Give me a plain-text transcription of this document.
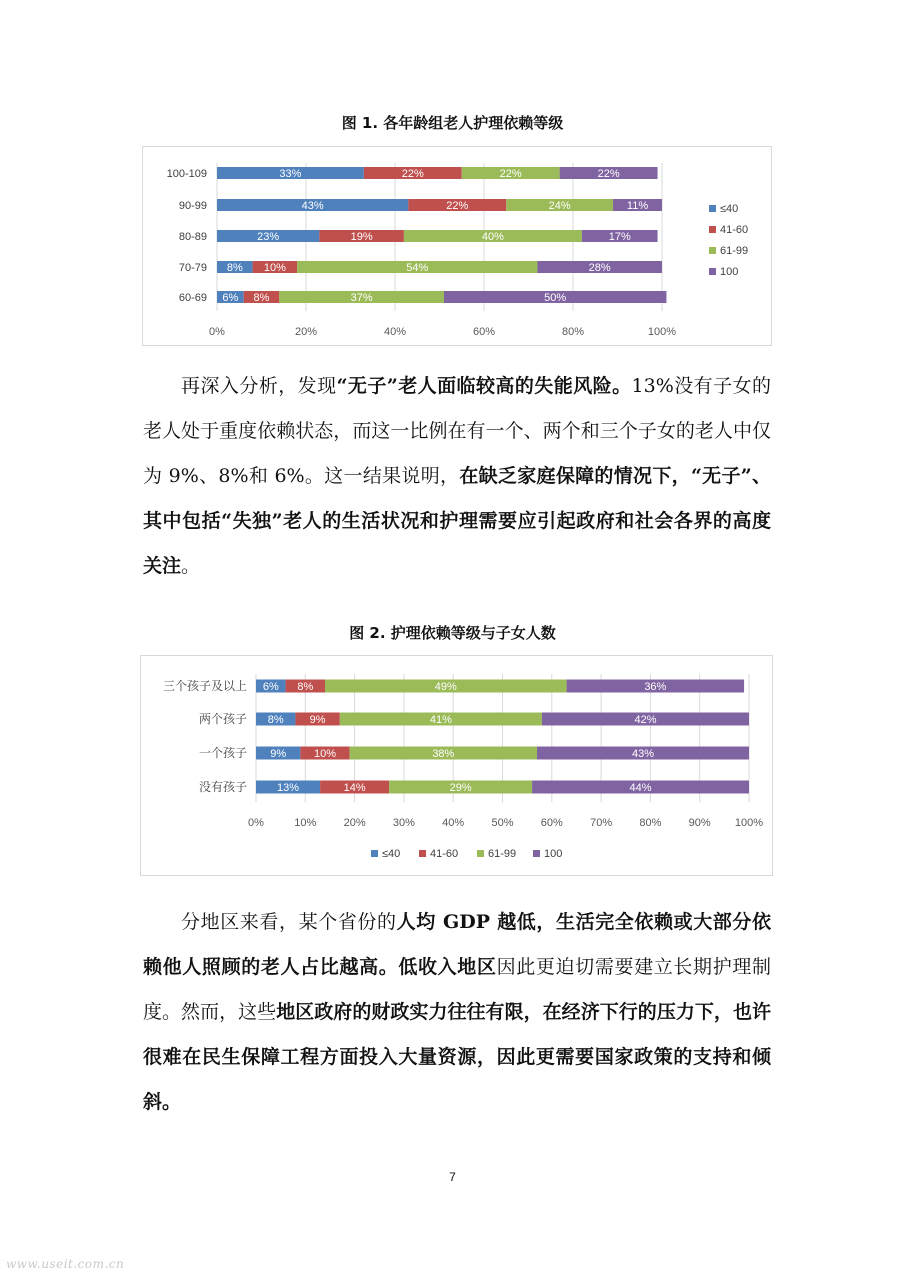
图 1. 各年龄组老人护理依赖等级
0%	20%	40%	60%	80%	100%
100-109	33%	22%	22%	22%
90-99	43%	22%	24%	11%
80-89	23%	19%	40%	17%
70-79 8% 10%	54%	28%
60-69 6% 8%	37%	50%
≤40
41-60
61-99
100

再深入分析，发现“无子”老人面临较高的失能风险。13%没有子女的老人处于重度依赖状态，而这一比例在有一个、两个和三个子女的老人中仅为 9%、8%和 6%。这一结果说明，在缺乏家庭保障的情况下，“无子”、其中包括“失独”老人的生活状况和护理需要应引起政府和社会各界的高度关注。

图 2. 护理依赖等级与子女人数
0%	10% 20% 30% 40% 50% 60% 70% 80% 90% 100%
三个孩子及以上 6% 8%	49%	36%
两个孩子 8% 9%	41%	42%
一个孩子 9%	10%	38%	43%
没有孩子	13%	14%	29%	44%
≤40	41-60	61-99	100

分地区来看，某个省份的人均 GDP 越低，生活完全依赖或大部分依赖他人照顾的老人占比越高。低收入地区因此更迫切需要建立长期护理制度。然而，这些地区政府的财政实力往往有限，在经济下行的压力下，也许很难在民生保障工程方面投入大量资源，因此更需要国家政策的支持和倾斜。

7
www.useit.com.cn
